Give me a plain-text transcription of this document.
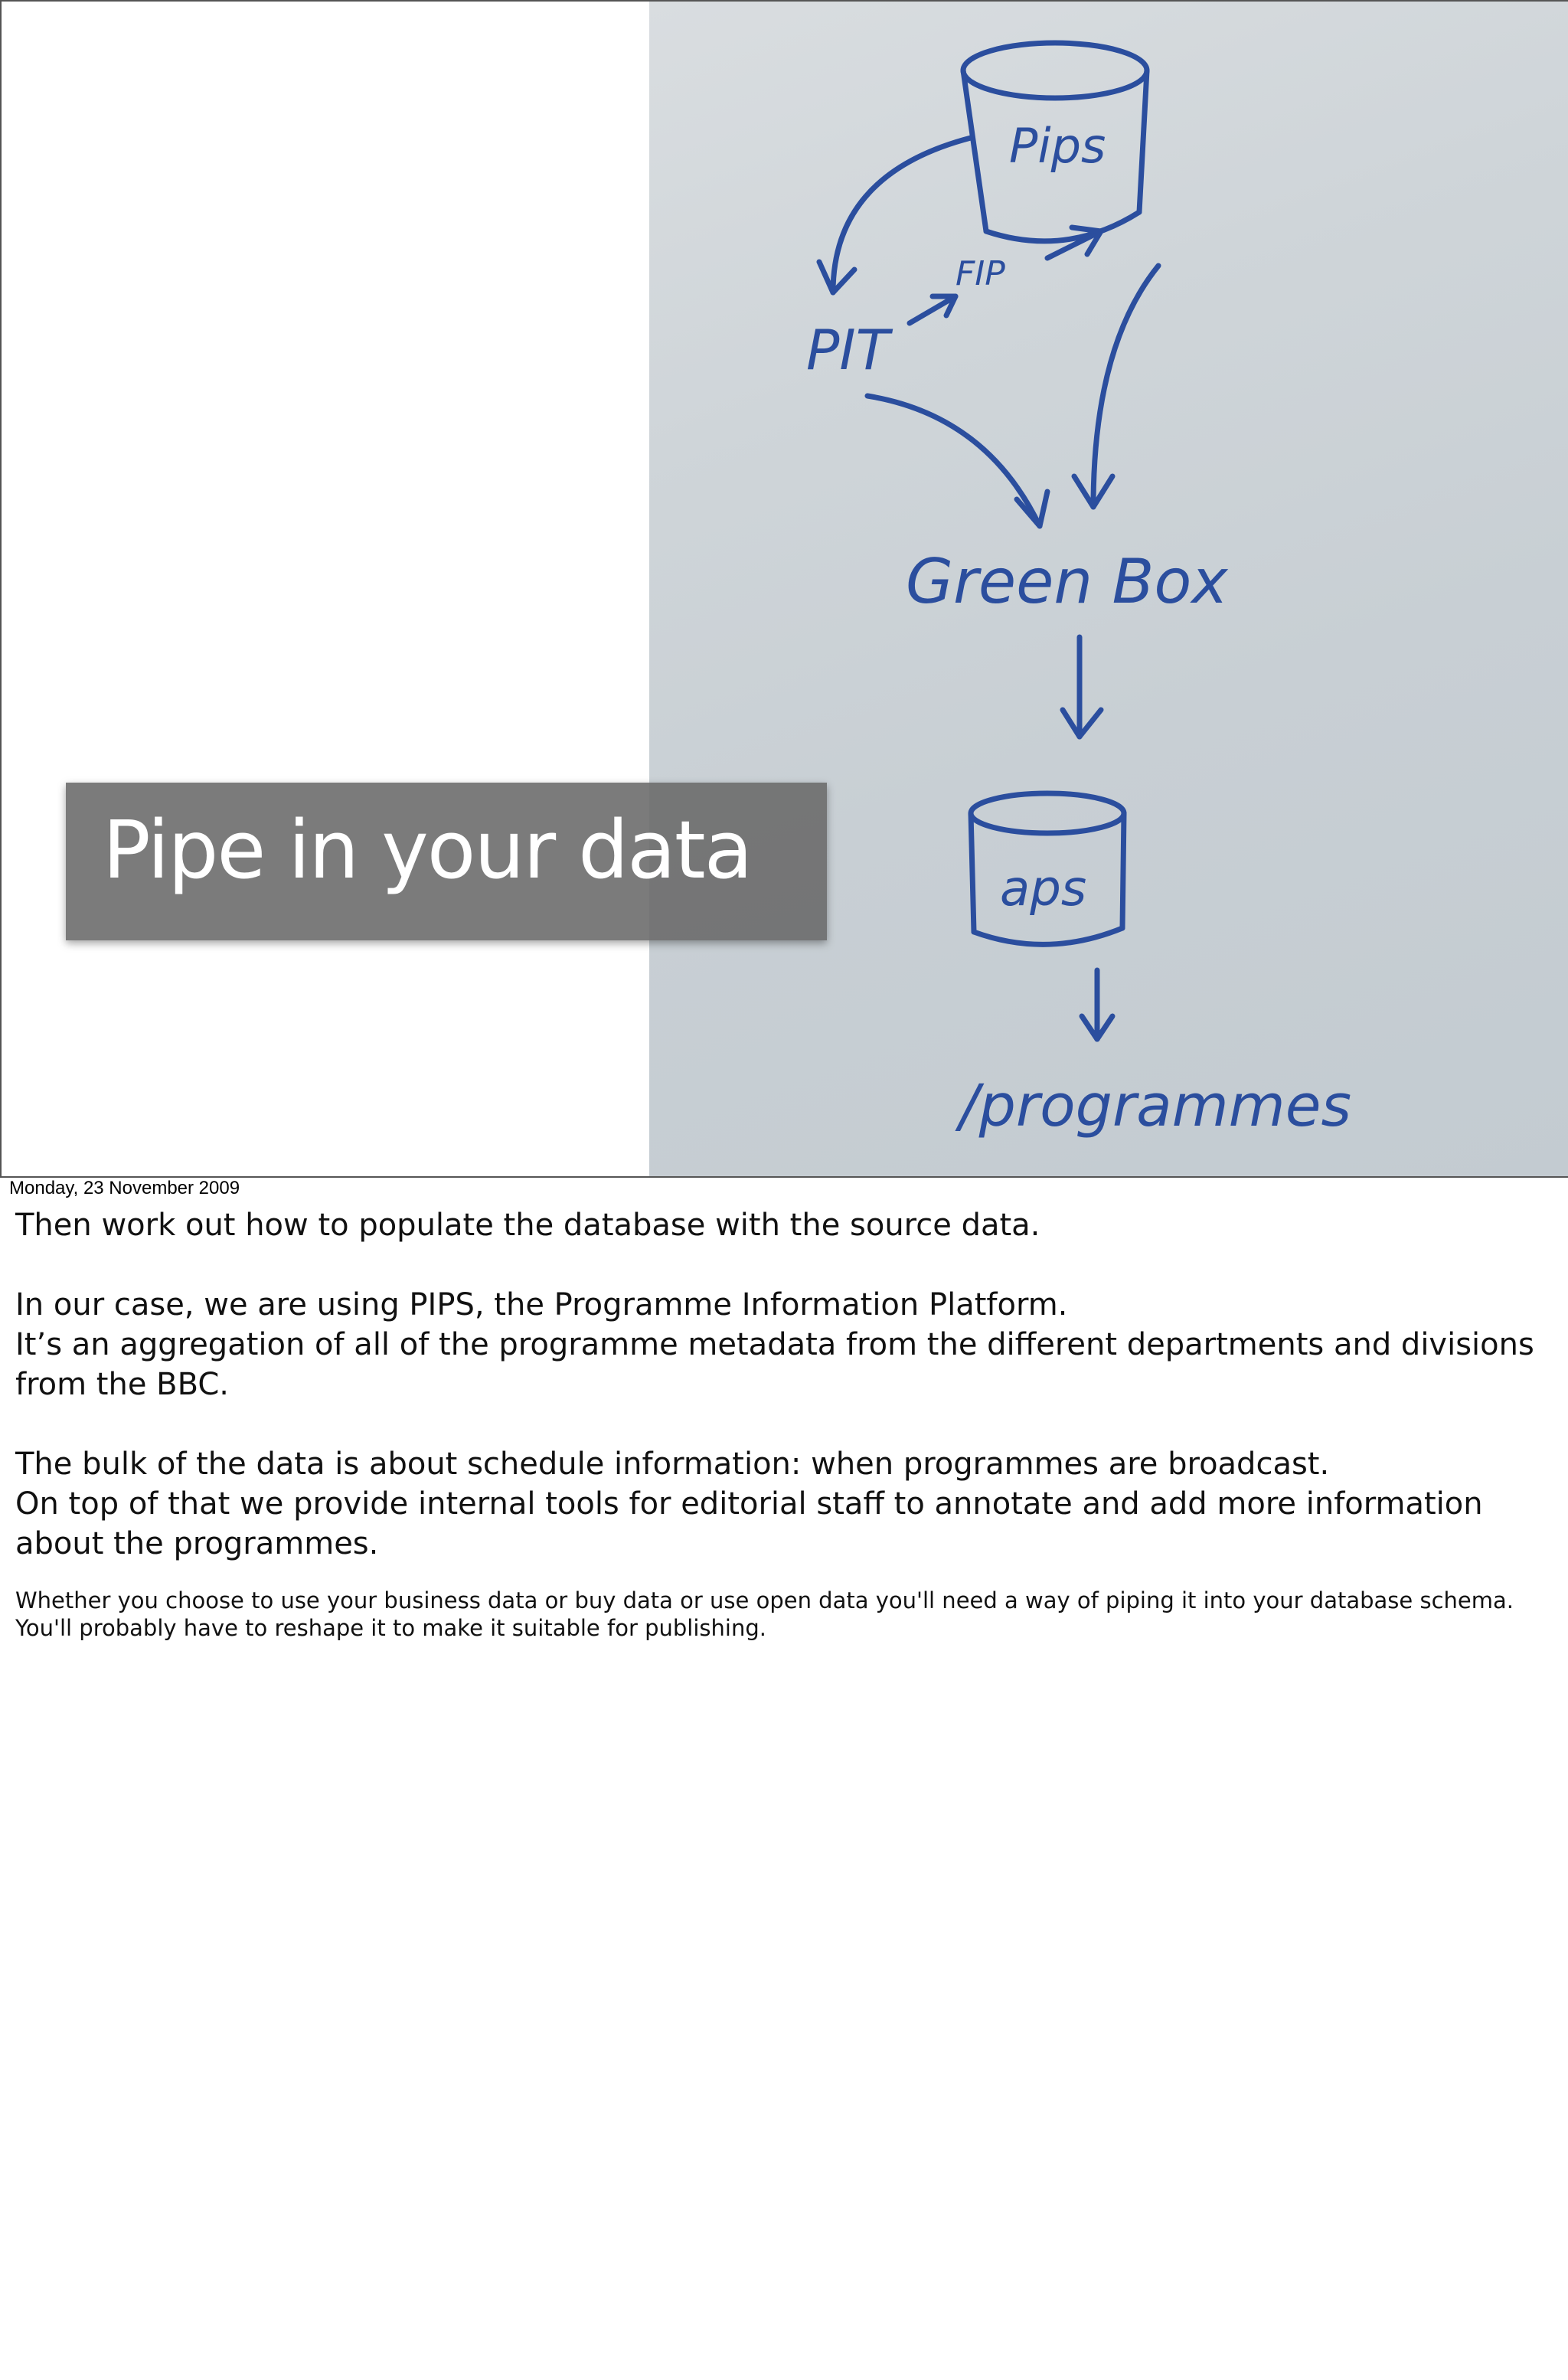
Pips
PIT
FIP
Green Box
aps
/programmes
Pipe in your data
Monday, 23 November 2009

Then work out how to populate the database with the source data.

In our case, we are using PIPS, the Programme Information Platform.

It’s an aggregation of all of the programme metadata from the different departments and divisions from the BBC.

The bulk of the data is about schedule information: when programmes are broadcast.

On top of that we provide internal tools for editorial staff to annotate and add more information about the programmes.

Whether you choose to use your business data or buy data or use open data you'll need a way of piping it into your database schema. You'll probably have to reshape it to make it suitable for publishing.
